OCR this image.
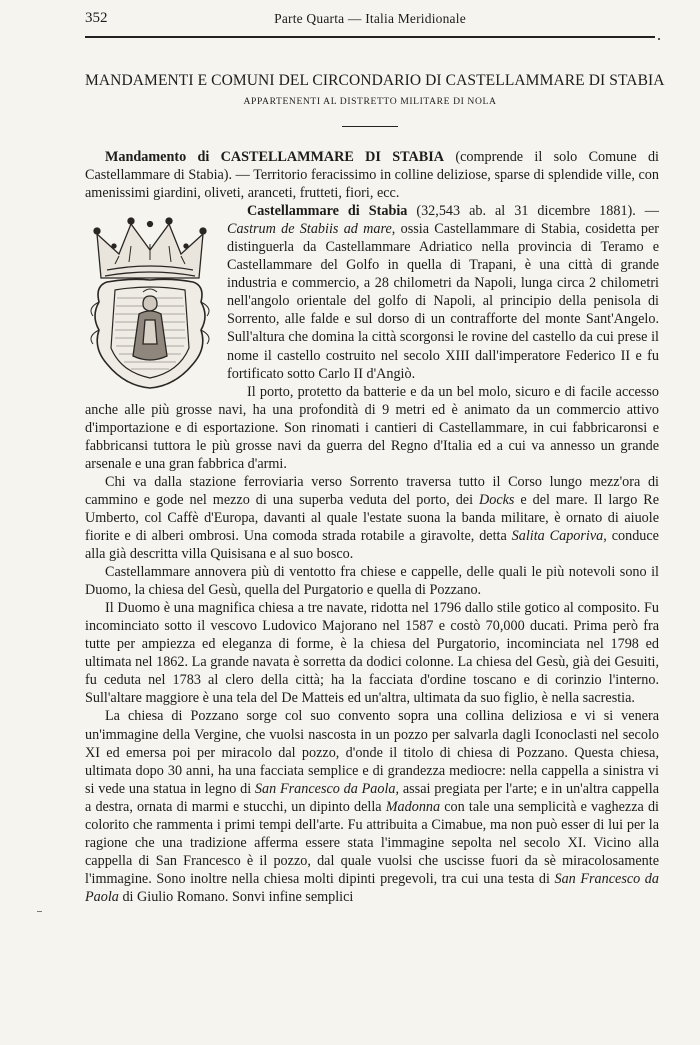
352	Parte Quarta — Italia Meridionale
MANDAMENTI E COMUNI DEL CIRCONDARIO DI CASTELLAMMARE DI STABIA
APPARTENENTI AL DISTRETTO MILITARE DI NOLA

Mandamento di CASTELLAMMARE DI STABIA (comprende il solo Comune di Castellammare di Stabia). — Territorio feracissimo in colline deliziose, sparse di splendide ville, con amenissimi giardini, oliveti, aranceti, frutteti, fiori, ecc.

Castellammare di Stabia (32,543 ab. al 31 dicembre 1881). — Castrum de Stabiis ad mare, ossia Castellammare di Stabia, cosidetta per distinguerla da Castellammare Adriatico nella provincia di Teramo e Castellammare del Golfo in quella di Trapani, è una città di grande industria e commercio, a 28 chilometri da Napoli, lunga circa 2 chilometri nell'angolo orientale del golfo di Napoli, al principio della penisola di Sorrento, alle falde e sul dorso di un contrafforte del monte Sant'Angelo. Sull'altura che domina la città scorgonsi le rovine del castello da cui prese il nome il castello costruito nel secolo XIII dall'imperatore Federico II e fu fortificato sotto Carlo II d'Angiò.

Il porto, protetto da batterie e da un bel molo, sicuro e di facile accesso anche alle più grosse navi, ha una profondità di 9 metri ed è animato da un commercio attivo d'importazione e di esportazione. Son rinomati i cantieri di Castellammare, in cui fabbricaronsi e fabbricansi tuttora le più grosse navi da guerra del Regno d'Italia ed a cui va annesso un grande arsenale e una gran fabbrica d'armi.

Chi va dalla stazione ferroviaria verso Sorrento traversa tutto il Corso lungo mezz'ora di cammino e gode nel mezzo di una superba veduta del porto, dei Docks e del mare. Il largo Re Umberto, col Caffè d'Europa, davanti al quale l'estate suona la banda militare, è ornato di aiuole fiorite e di alberi ombrosi. Una comoda strada rotabile a giravolte, detta Salita Caporiva, conduce alla già descritta villa Quisisana e al suo bosco.

Castellammare annovera più di ventotto fra chiese e cappelle, delle quali le più notevoli sono il Duomo, la chiesa del Gesù, quella del Purgatorio e quella di Pozzano.

Il Duomo è una magnifica chiesa a tre navate, ridotta nel 1796 dallo stile gotico al composito. Fu incominciato sotto il vescovo Ludovico Majorano nel 1587 e costò 70,000 ducati. Prima però fra tutte per ampiezza ed eleganza di forme, è la chiesa del Purgatorio, incominciata nel 1798 ed ultimata nel 1862. La grande navata è sorretta da dodici colonne. La chiesa del Gesù, già dei Gesuiti, fu ceduta nel 1783 al clero della città; ha la facciata d'ordine toscano e di corinzio l'interno. Sull'altare maggiore è una tela del De Matteis ed un'altra, ultimata da suo figlio, è nella sacrestia.

La chiesa di Pozzano sorge col suo convento sopra una collina deliziosa e vi si venera un'immagine della Vergine, che vuolsi nascosta in un pozzo per salvarla dagli Iconoclasti nel secolo XI ed emersa poi per miracolo dal pozzo, d'onde il titolo di chiesa di Pozzano. Questa chiesa, ultimata dopo 30 anni, ha una facciata semplice e di grandezza mediocre: nella cappella a sinistra vi si vede una statua in legno di San Francesco da Paola, assai pregiata per l'arte; e in un'altra cappella a destra, ornata di marmi e stucchi, un dipinto della Madonna con tale una semplicità e vaghezza di colorito che rammenta i primi tempi dell'arte. Fu attribuita a Cimabue, ma non può esser di lui per la ragione che una tradizione afferma essere stata l'immagine sepolta nel secolo XI. Vicino alla cappella di San Francesco è il pozzo, dal quale vuolsi che uscisse fuori da sè miracolosamente l'immagine. Sono inoltre nella chiesa molti dipinti pregevoli, tra cui una testa di San Francesco da Paola di Giulio Romano. Sonvi infine semplici
